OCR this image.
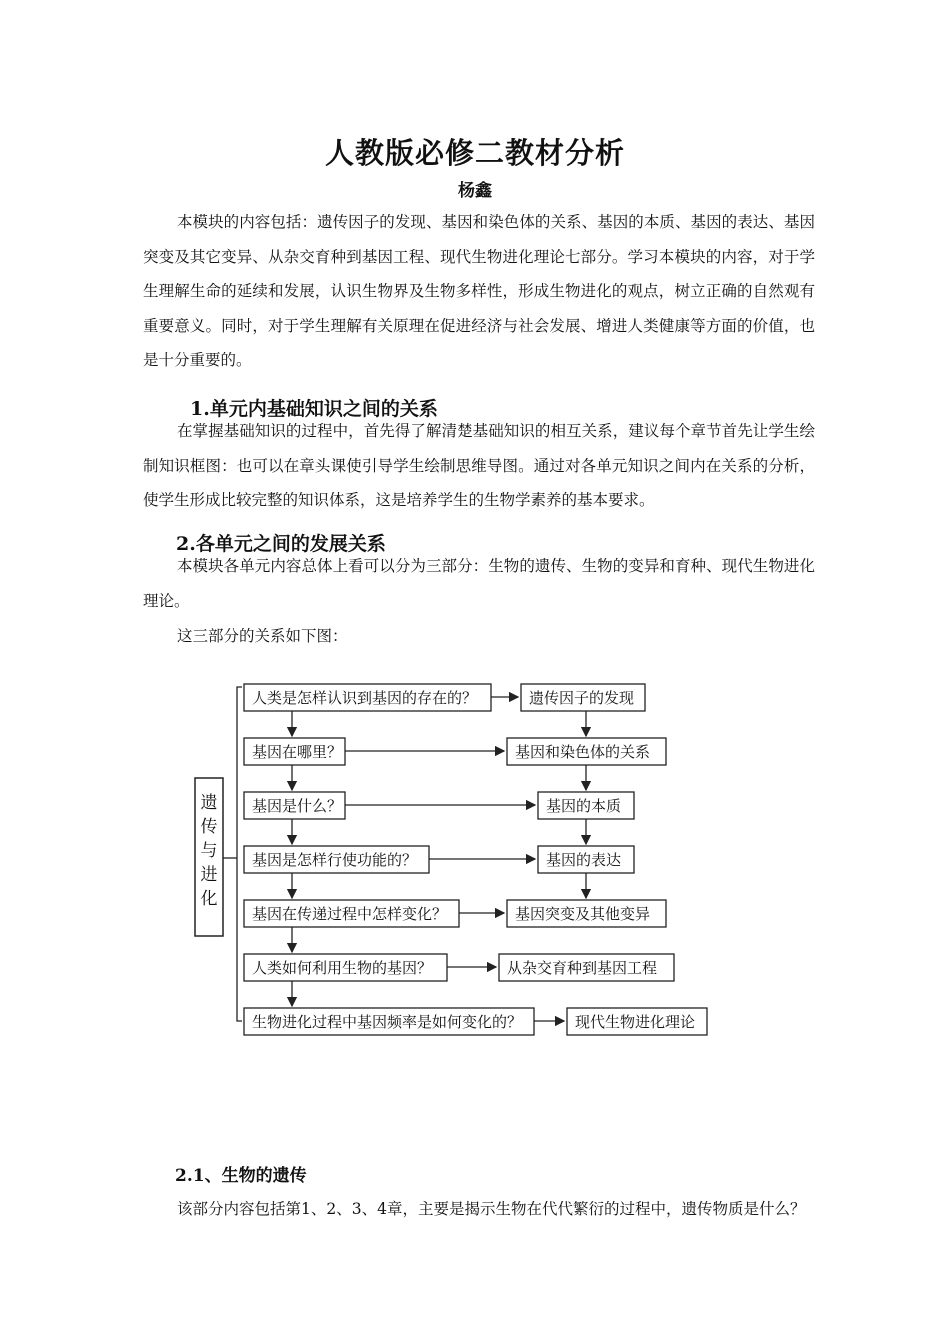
人教版必修二教材分析
杨鑫

本模块的内容包括：遗传因子的发现、基因和染色体的关系、基因的本质、基因的表达、基因突变及其它变异、从杂交育种到基因工程、现代生物进化理论七部分。学习本模块的内容，对于学生理解生命的延续和发展，认识生物界及生物多样性，形成生物进化的观点，树立正确的自然观有重要意义。同时，对于学生理解有关原理在促进经济与社会发展、增进人类健康等方面的价值，也是十分重要的。

1.单元内基础知识之间的关系

在掌握基础知识的过程中，首先得了解清楚基础知识的相互关系，建议每个章节首先让学生绘制知识框图：也可以在章头课使引导学生绘制思维导图。通过对各单元知识之间内在关系的分析，使学生形成比较完整的知识体系，这是培养学生的生物学素养的基本要求。

2.各单元之间的发展关系

本模块各单元内容总体上看可以分为三部分：生物的遗传、生物的变异和育种、现代生物进化理论。

这三部分的关系如下图：
遗传与进化
人类是怎样认识到基因的存在的？
基因在哪里？
基因是什么？
基因是怎样行使功能的？
基因在传递过程中怎样变化？
人类如何利用生物的基因？
生物进化过程中基因频率是如何变化的？
遗传因子的发现
基因和染色体的关系
基因的本质
基因的表达
基因突变及其他变异
从杂交育种到基因工程
现代生物进化理论
2.1、生物的遗传
该部分内容包括第1、2、3、4章，主要是揭示生物在代代繁衍的过程中，遗传物质是什么？
